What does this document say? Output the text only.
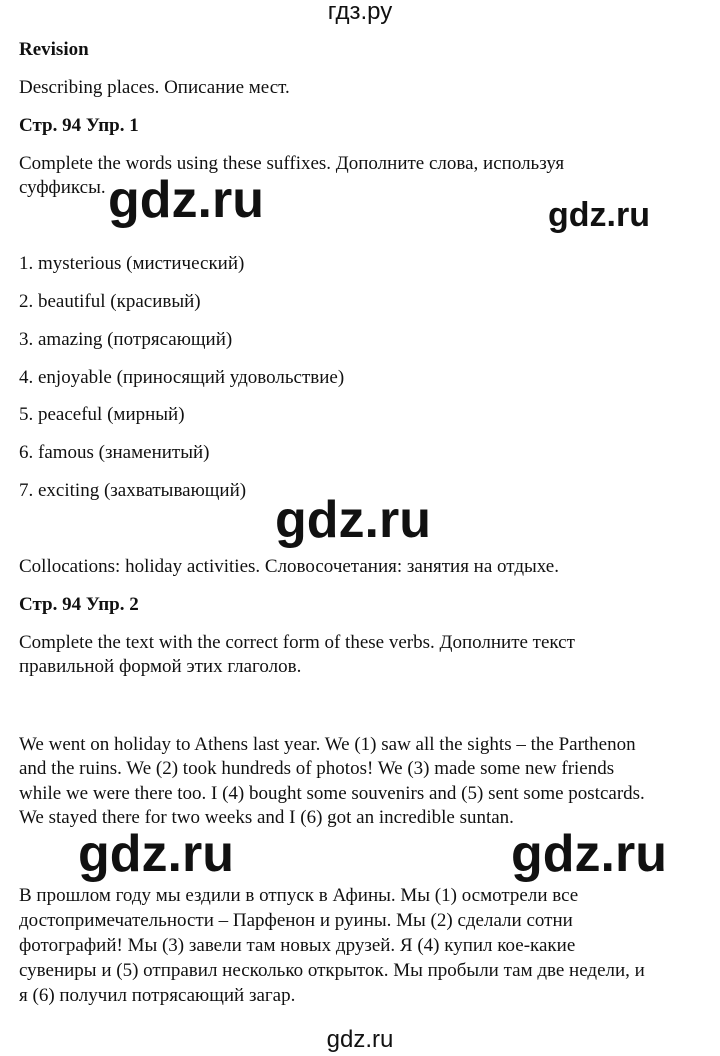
гдз.ру
Revision
Describing places. Описание мест.
Стр. 94 Упр. 1
Complete the words using these suffixes. Дополните слова, используя
суффиксы. gdz.ru	gdz.ru
1. mysterious (мистический)
2. beautiful (красивый)
3. amazing (потрясающий)
4. enjoyable (приносящий удовольствие)
5. peaceful (мирный)
6. famous (знаменитый)
7. exciting (захватывающий)
gdz.ru
Collocations: holiday activities. Словосочетания: занятия на отдыхе.
Стр. 94 Упр. 2
Complete the text with the correct form of these verbs. Дополните текст
правильной формой этих глаголов.
We went on holiday to Athens last year. We (1) saw all the sights – the Parthenon
and the ruins. We (2) took hundreds of photos! We (3) made some new friends
while we were there too. I (4) bought some souvenirs and (5) sent some postcards.
We stayed there for two weeks and I (6) got an incredible suntan.
gdz.ru	gdz.ru
В прошлом году мы ездили в отпуск в Афины. Мы (1) осмотрели все
достопримечательности – Парфенон и руины. Мы (2) сделали сотни
фотографий! Мы (3) завели там новых друзей. Я (4) купил кое-какие
сувениры и (5) отправил несколько открыток. Мы пробыли там две недели, и
я (6) получил потрясающий загар.
gdz.ru
